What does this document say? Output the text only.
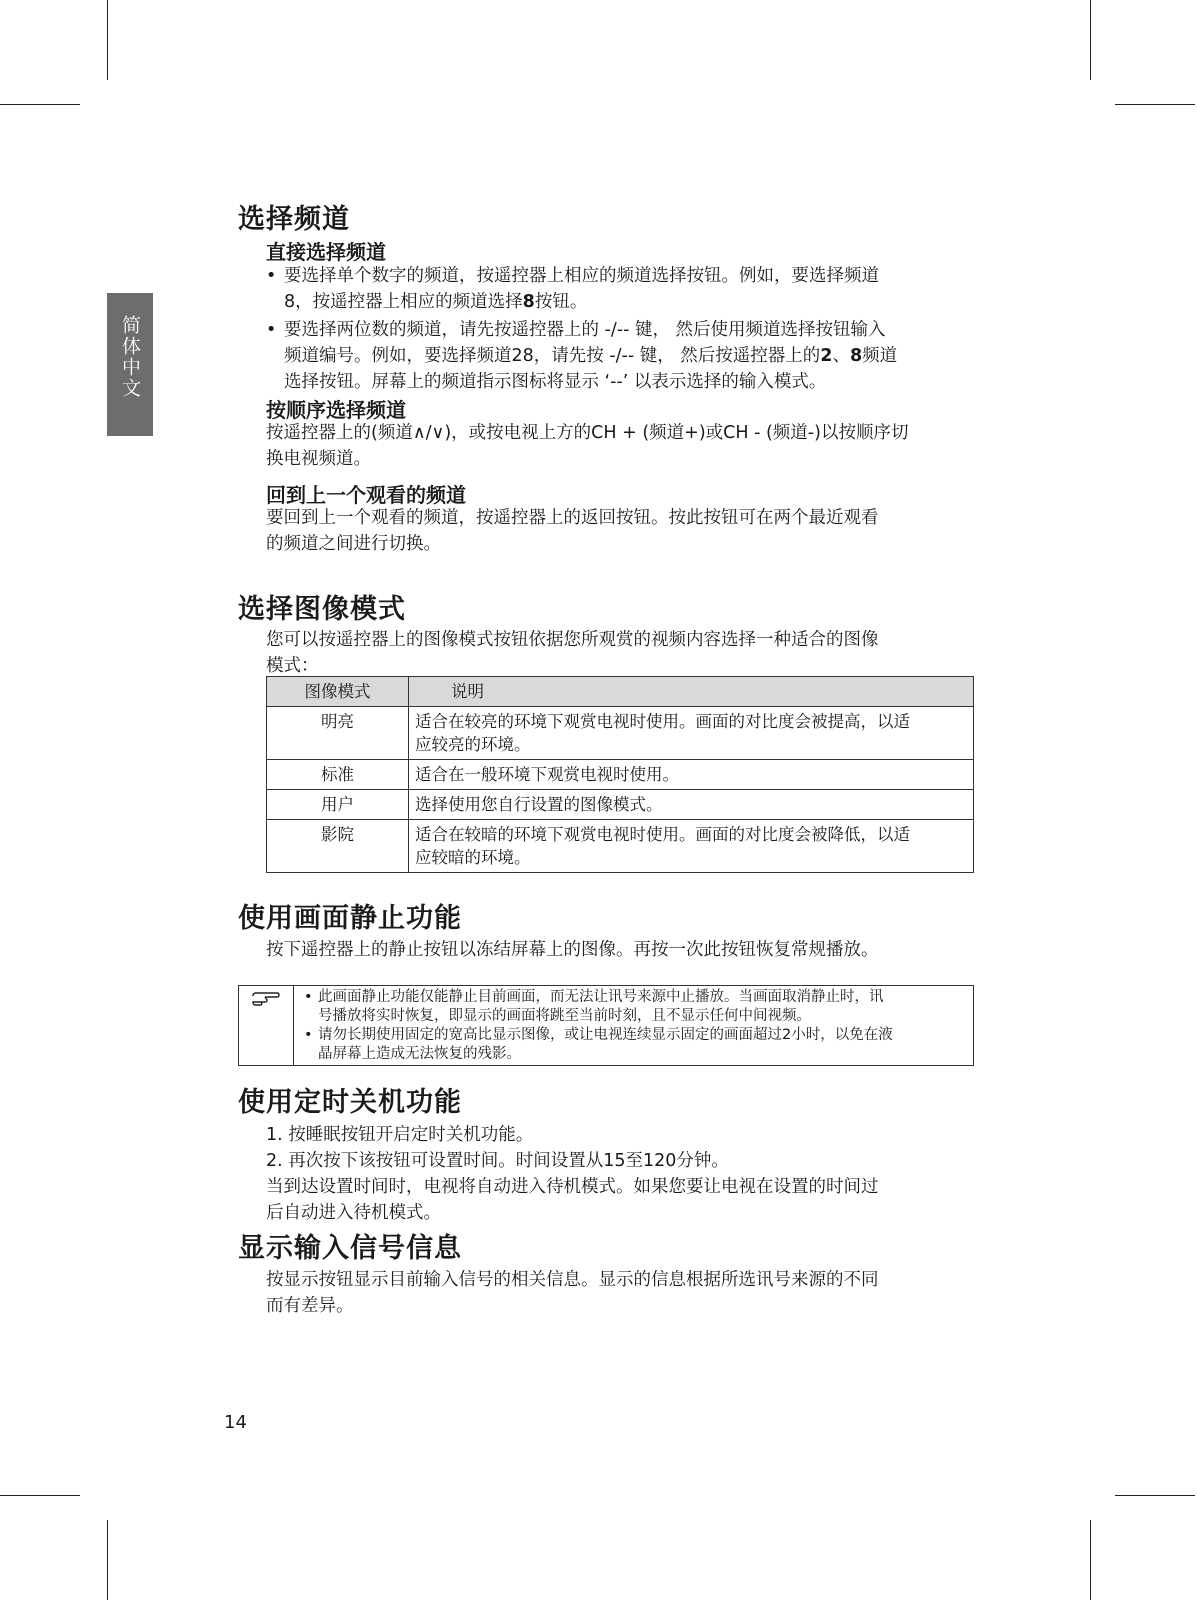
简体中文
选择频道
直接选择频道

• 要选择单个数字的频道，按遥控器上相应的频道选择按钮。例如，要选择频道
8，按遥控器上相应的频道选择8按钮。

• 要选择两位数的频道，请先按遥控器上的 -/-- 键， 然后使用频道选择按钮输入
频道编号。例如，要选择频道28，请先按 -/-- 键， 然后按遥控器上的2、8频道
选择按钮。屏幕上的频道指示图标将显示 ‘--’ 以表示选择的输入模式。

按顺序选择频道

按遥控器上的(频道∧/∨)，或按电视上方的CH + (频道+)或CH - (频道-)以按顺序切
换电视频道。

回到上一个观看的频道

要回到上一个观看的频道，按遥控器上的返回按钮。按此按钮可在两个最近观看
的频道之间进行切换。

选择图像模式

您可以按遥控器上的图像模式按钮依据您所观赏的视频内容选择一种适合的图像
模式：

图像模式	说明
明亮	适合在较亮的环境下观赏电视时使用。画面的对比度会被提高，以适
应较亮的环境。
标准	适合在一般环境下观赏电视时使用。
用户	选择使用您自行设置的图像模式。
影院	适合在较暗的环境下观赏电视时使用。画面的对比度会被降低，以适
应较暗的环境。
使用画面静止功能

按下遥控器上的静止按钮以冻结屏幕上的图像。再按一次此按钮恢复常规播放。

• 此画面静止功能仅能静止目前画面，而无法让讯号来源中止播放。当画面取消静止时，讯
号播放将实时恢复，即显示的画面将跳至当前时刻，且不显示任何中间视频。
• 请勿长期使用固定的宽高比显示图像，或让电视连续显示固定的画面超过2小时，以免在液
晶屏幕上造成无法恢复的残影。
使用定时关机功能

1. 按睡眠按钮开启定时关机功能。
2. 再次按下该按钮可设置时间。时间设置从15至120分钟。
当到达设置时间时，电视将自动进入待机模式。如果您要让电视在设置的时间过
后自动进入待机模式。

显示输入信号信息

按显示按钮显示目前输入信号的相关信息。显示的信息根据所选讯号来源的不同
而有差异。

14
